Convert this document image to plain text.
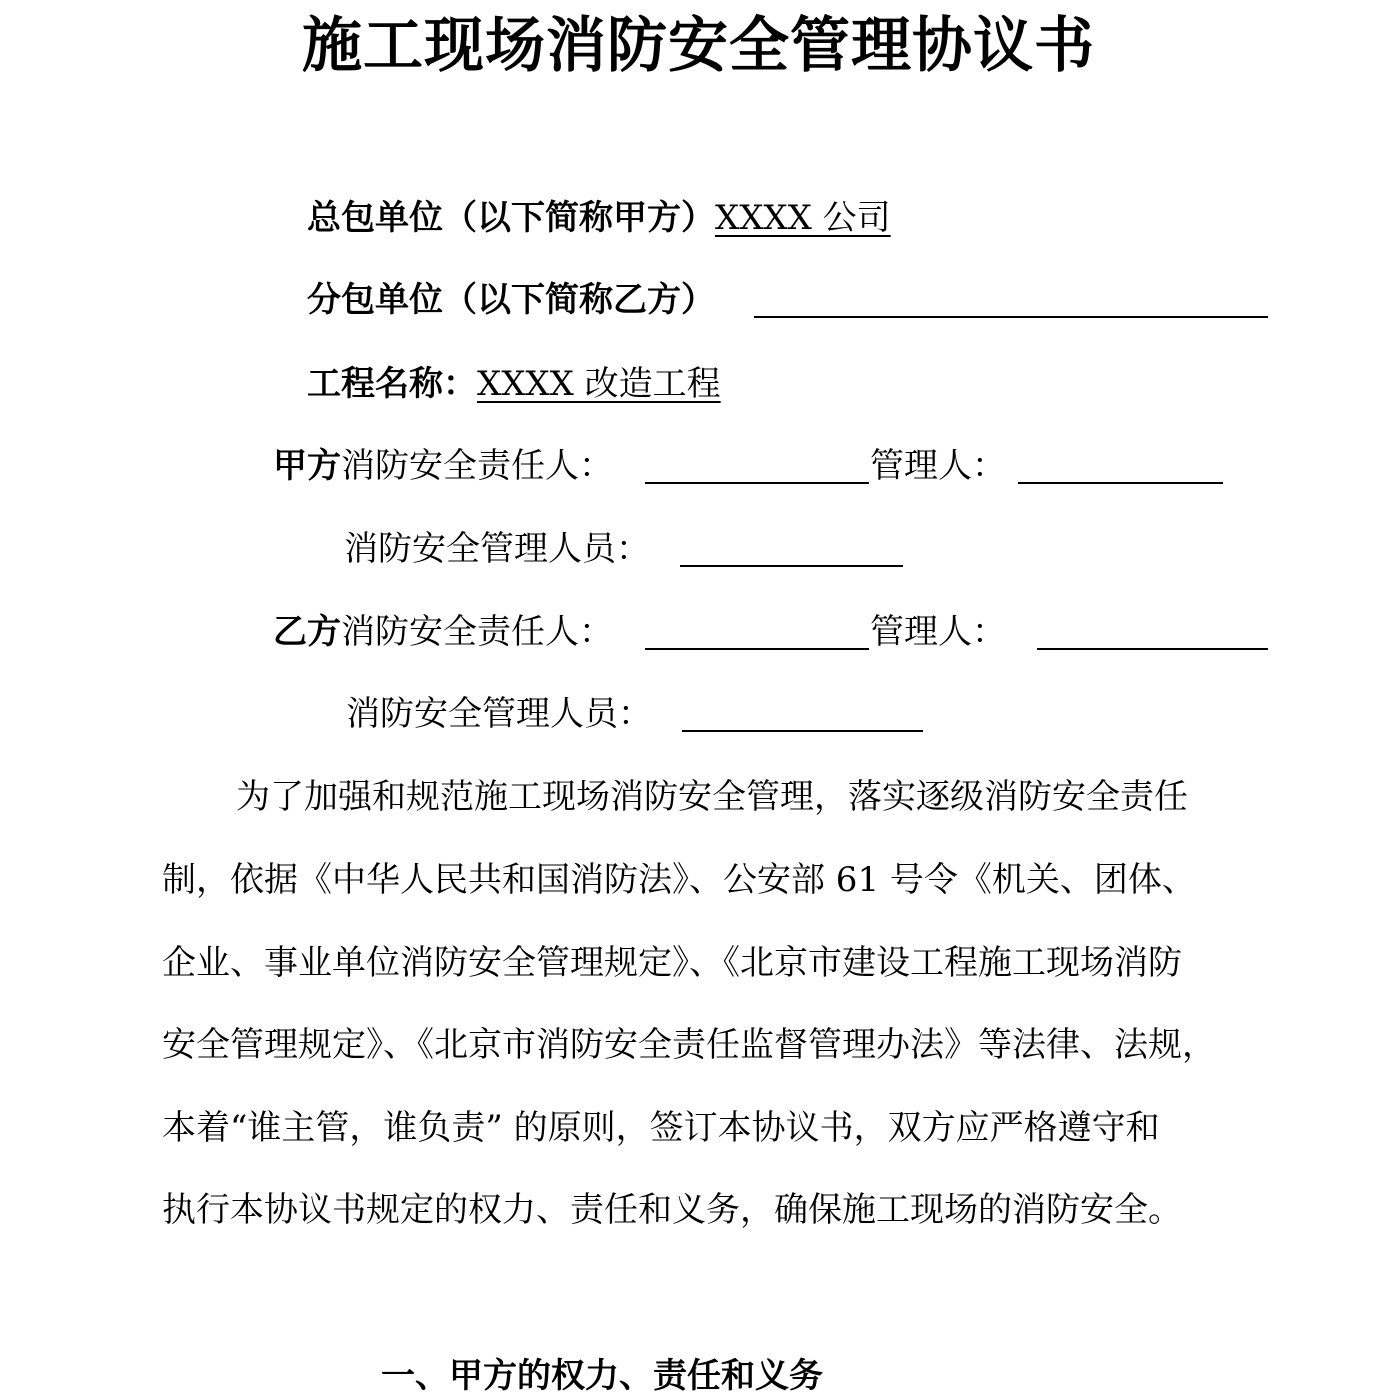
施工现场消防安全管理协议书
总包单位（以下简称甲方）XXXX 公司
分包单位（以下简称乙方）
工程名称：XXXX 改造工程
甲方消防安全责任人：	管理人：
消防安全管理人员：
乙方消防安全责任人：	管理人：
消防安全管理人员：
为了加强和规范施工现场消防安全管理，落实逐级消防安全责任
制，依据《中华人民共和国消防法》、公安部 61 号令《机关、团体、
企业、事业单位消防安全管理规定》、《北京市建设工程施工现场消防
安全管理规定》、《北京市消防安全责任监督管理办法》等法律、法规，
本着“谁主管，谁负责” 的原则，签订本协议书，双方应严格遵守和
执行本协议书规定的权力、责任和义务，确保施工现场的消防安全。
一、甲方的权力、责任和义务
